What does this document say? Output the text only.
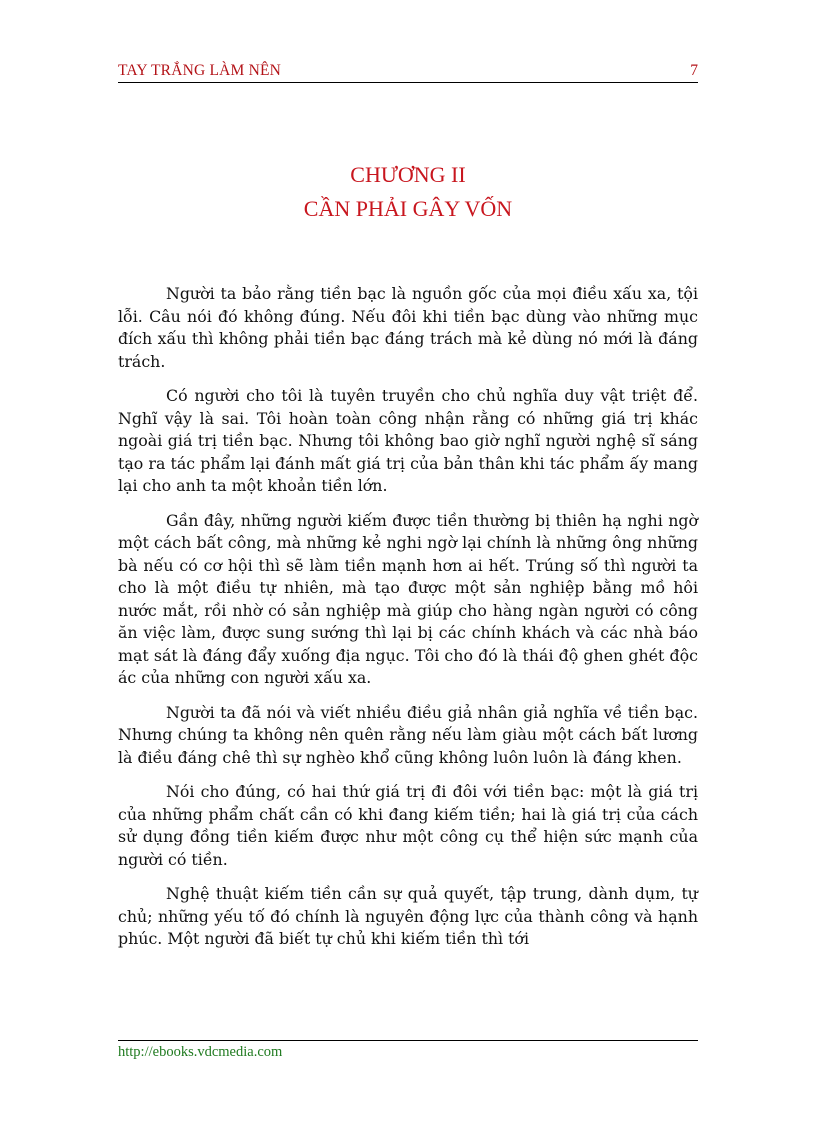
TAY TRẮNG LÀM NÊN	7
CHƯƠNG II
CẦN PHẢI GÂY VỐN

Người ta bảo rằng tiền bạc là nguồn gốc của mọi điều xấu xa, tội lỗi. Câu nói đó không đúng. Nếu đôi khi tiền bạc dùng vào những mục đích xấu thì không phải tiền bạc đáng trách mà kẻ dùng nó mới là đáng trách.

Có người cho tôi là tuyên truyền cho chủ nghĩa duy vật triệt để. Nghĩ vậy là sai. Tôi hoàn toàn công nhận rằng có những giá trị khác ngoài giá trị tiền bạc. Nhưng tôi không bao giờ nghĩ người nghệ sĩ sáng tạo ra tác phẩm lại đánh mất giá trị của bản thân khi tác phẩm ấy mang lại cho anh ta một khoản tiền lớn.

Gần đây, những người kiếm được tiền thường bị thiên hạ nghi ngờ một cách bất công, mà những kẻ nghi ngờ lại chính là những ông những bà nếu có cơ hội thì sẽ làm tiền mạnh hơn ai hết. Trúng số thì người ta cho là một điều tự nhiên, mà tạo được một sản nghiệp bằng mồ hôi nước mắt, rồi nhờ có sản nghiệp mà giúp cho hàng ngàn người có công ăn việc làm, được sung sướng thì lại bị các chính khách và các nhà báo mạt sát là đáng đẩy xuống địa ngục. Tôi cho đó là thái độ ghen ghét độc ác của những con người xấu xa.

Người ta đã nói và viết nhiều điều giả nhân giả nghĩa về tiền bạc. Nhưng chúng ta không nên quên rằng nếu làm giàu một cách bất lương là điều đáng chê thì sự nghèo khổ cũng không luôn luôn là đáng khen.

Nói cho đúng, có hai thứ giá trị đi đôi với tiền bạc: một là giá trị của những phẩm chất cần có khi đang kiếm tiền; hai là giá trị của cách sử dụng đồng tiền kiếm được như một công cụ thể hiện sức mạnh của người có tiền.

Nghệ thuật kiếm tiền cần sự quả quyết, tập trung, dành dụm, tự chủ; những yếu tố đó chính là nguyên động lực của thành công và hạnh phúc. Một người đã biết tự chủ khi kiếm tiền thì tới

http://ebooks.vdcmedia.com
